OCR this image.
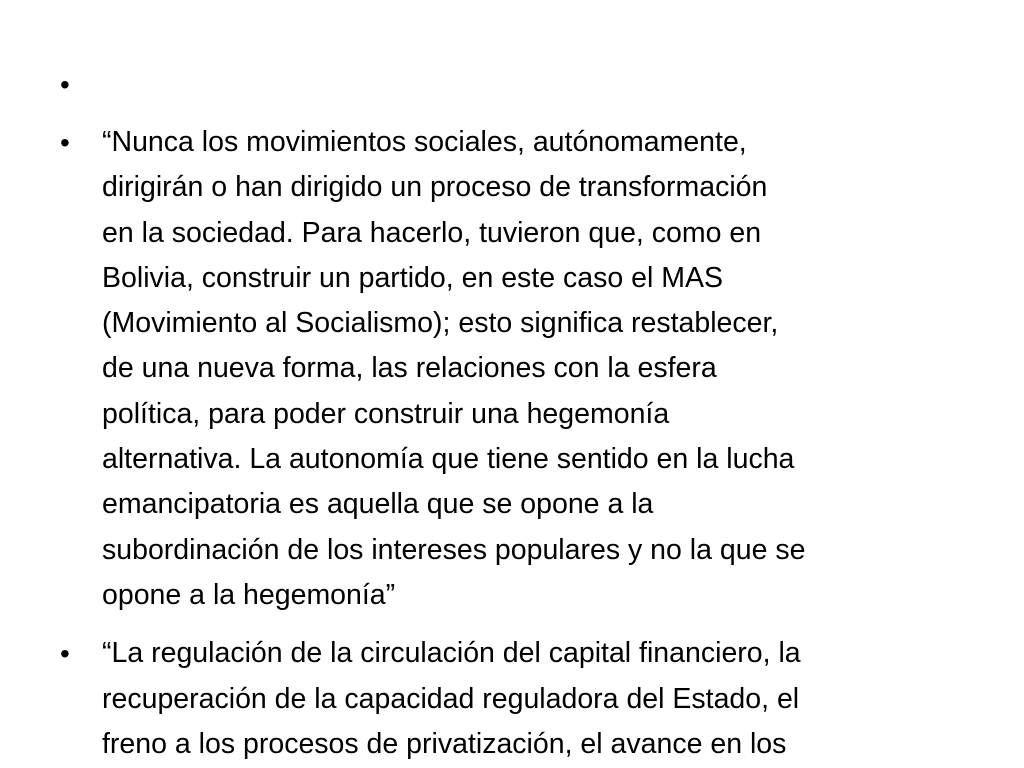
•
•	“Nunca los movimientos sociales, autónomamente,
dirigirán o han dirigido un proceso de transformación
en la sociedad. Para hacerlo, tuvieron que, como en
Bolivia, construir un partido, en este caso el MAS
(Movimiento al Socialismo); esto significa restablecer,
de una nueva forma, las relaciones con la esfera
política, para poder construir una hegemonía
alternativa. La autonomía que tiene sentido en la lucha
emancipatoria es aquella que se opone a la
subordinación de los intereses populares y no la que se
opone a la hegemonía”
•	“La regulación de la circulación del capital financiero, la
recuperación de la capacidad reguladora del Estado, el
freno a los procesos de privatización, el avance en los
